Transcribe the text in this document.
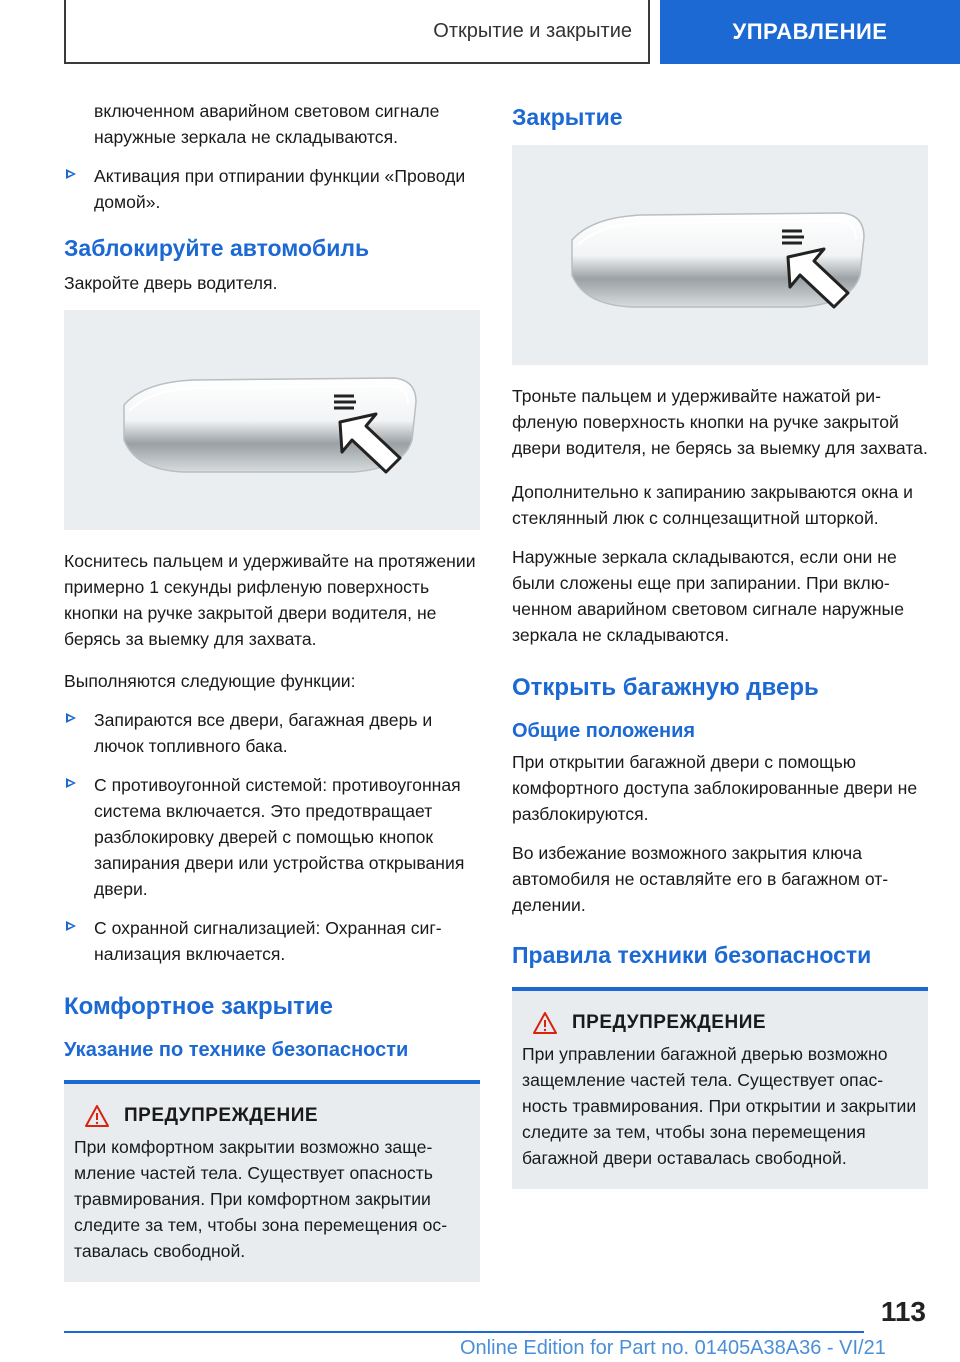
Открытие и закрытие	УПРАВЛЕНИЕ

включенном аварийном световом сигнале наружные зеркала не складываются.

Активация при отпирании функции «Проводи домой».
Заблокируйте автомобиль

Закройте дверь водителя.

Коснитесь пальцем и удерживайте на протяжении примерно 1 секунды рифленую поверхность кнопки на ручке закрытой двери водителя, не берясь за выемку для захвата.

Выполняются следующие функции:

Запираются все двери, багажная дверь и лючок топливного бака.
С противоугонной системой: противоугонная система включается. Это предотвращает разблокировку дверей с помощью кнопок запирания двери или устройства открывания двери.
С охранной сигнализацией: Охранная сигнализация включается.
Комфортное закрытие
Указание по технике безопасности
ПРЕДУПРЕЖДЕНИЕ

При комфортном закрытии возможно защeмление частей тела. Существует опасность травмирования. При комфортном закрытии следите за тем, чтобы зона перемещения оставалась свободной.

Закрытие

Троньте пальцем и удерживайте нажатой рифленую поверхность кнопки на ручке закрытой двери водителя, не берясь за выемку для захвата.

Дополнительно к запиранию закрываются окна и стеклянный люк с солнцезащитной шторкой.

Наружные зеркала складываются, если они не были сложены еще при запирании. При включенном аварийном световом сигнале наружные зеркала не складываются.

Открыть багажную дверь
Общие положения

При открытии багажной двери с помощью комфортного доступа заблокированные двери не разблокируются.

Во избежание возможного закрытия ключа автомобиля не оставляйте его в багажном отделении.

Правила техники безопасности
ПРЕДУПРЕЖДЕНИЕ

При управлении багажной дверью возможно защемление частей тела. Существует опасность травмирования. При открытии и закрытии следите за тем, чтобы зона перемещения багажной двери оставалась свободной.

113
Online Edition for Part no. 01405A38A36 - VI/21
